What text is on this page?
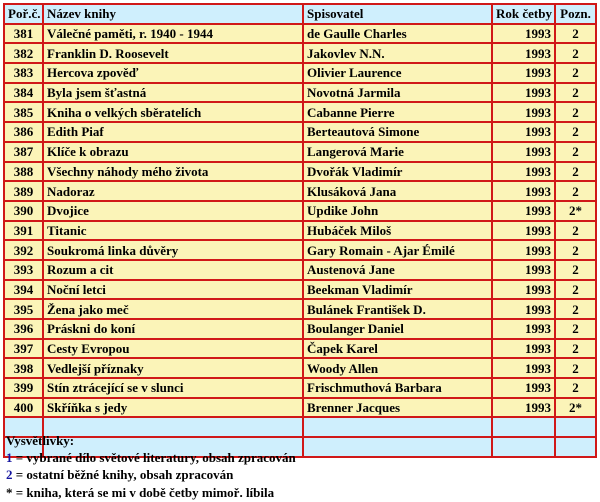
Poř.č.	Název knihy	Spisovatel	Rok četby	Pozn.
381	Válečné paměti, r. 1940 - 1944	de Gaulle Charles	1993	2
382	Franklin D. Roosevelt	Jakovlev N.N.	1993	2
383	Hercova zpověď	Olivier Laurence	1993	2
384	Byla jsem šťastná	Novotná Jarmila	1993	2
385	Kniha o velkých sběratelích	Cabanne Pierre	1993	2
386	Edith Piaf	Berteautová Simone	1993	2
387	Klíče k obrazu	Langerová Marie	1993	2
388	Všechny náhody mého života	Dvořák Vladimír	1993	2
389	Nadoraz	Klusáková Jana	1993	2
390	Dvojice	Updike John	1993	2*
391	Titanic	Hubáček Miloš	1993	2
392	Soukromá linka důvěry	Gary Romain - Ajar Émilé	1993	2
393	Rozum a cit	Austenová Jane	1993	2
394	Noční letci	Beekman Vladimír	1993	2
395	Žena jako meč	Bulánek František D.	1993	2
396	Práskni do koní	Boulanger Daniel	1993	2
397	Cesty Evropou	Čapek Karel	1993	2
398	Vedlejší příznaky	Woody Allen	1993	2
399	Stín ztrácející se v slunci	Frischmuthová Barbara	1993	2
400	Skříňka s jedy	Brenner Jacques	1993	2*

Vysvětlivky:
1 = vybrané dílo světové literatury, obsah zpracován
2 = ostatní běžné knihy, obsah zpracován
* = kniha, která se mi v době četby mimoř. líbila
